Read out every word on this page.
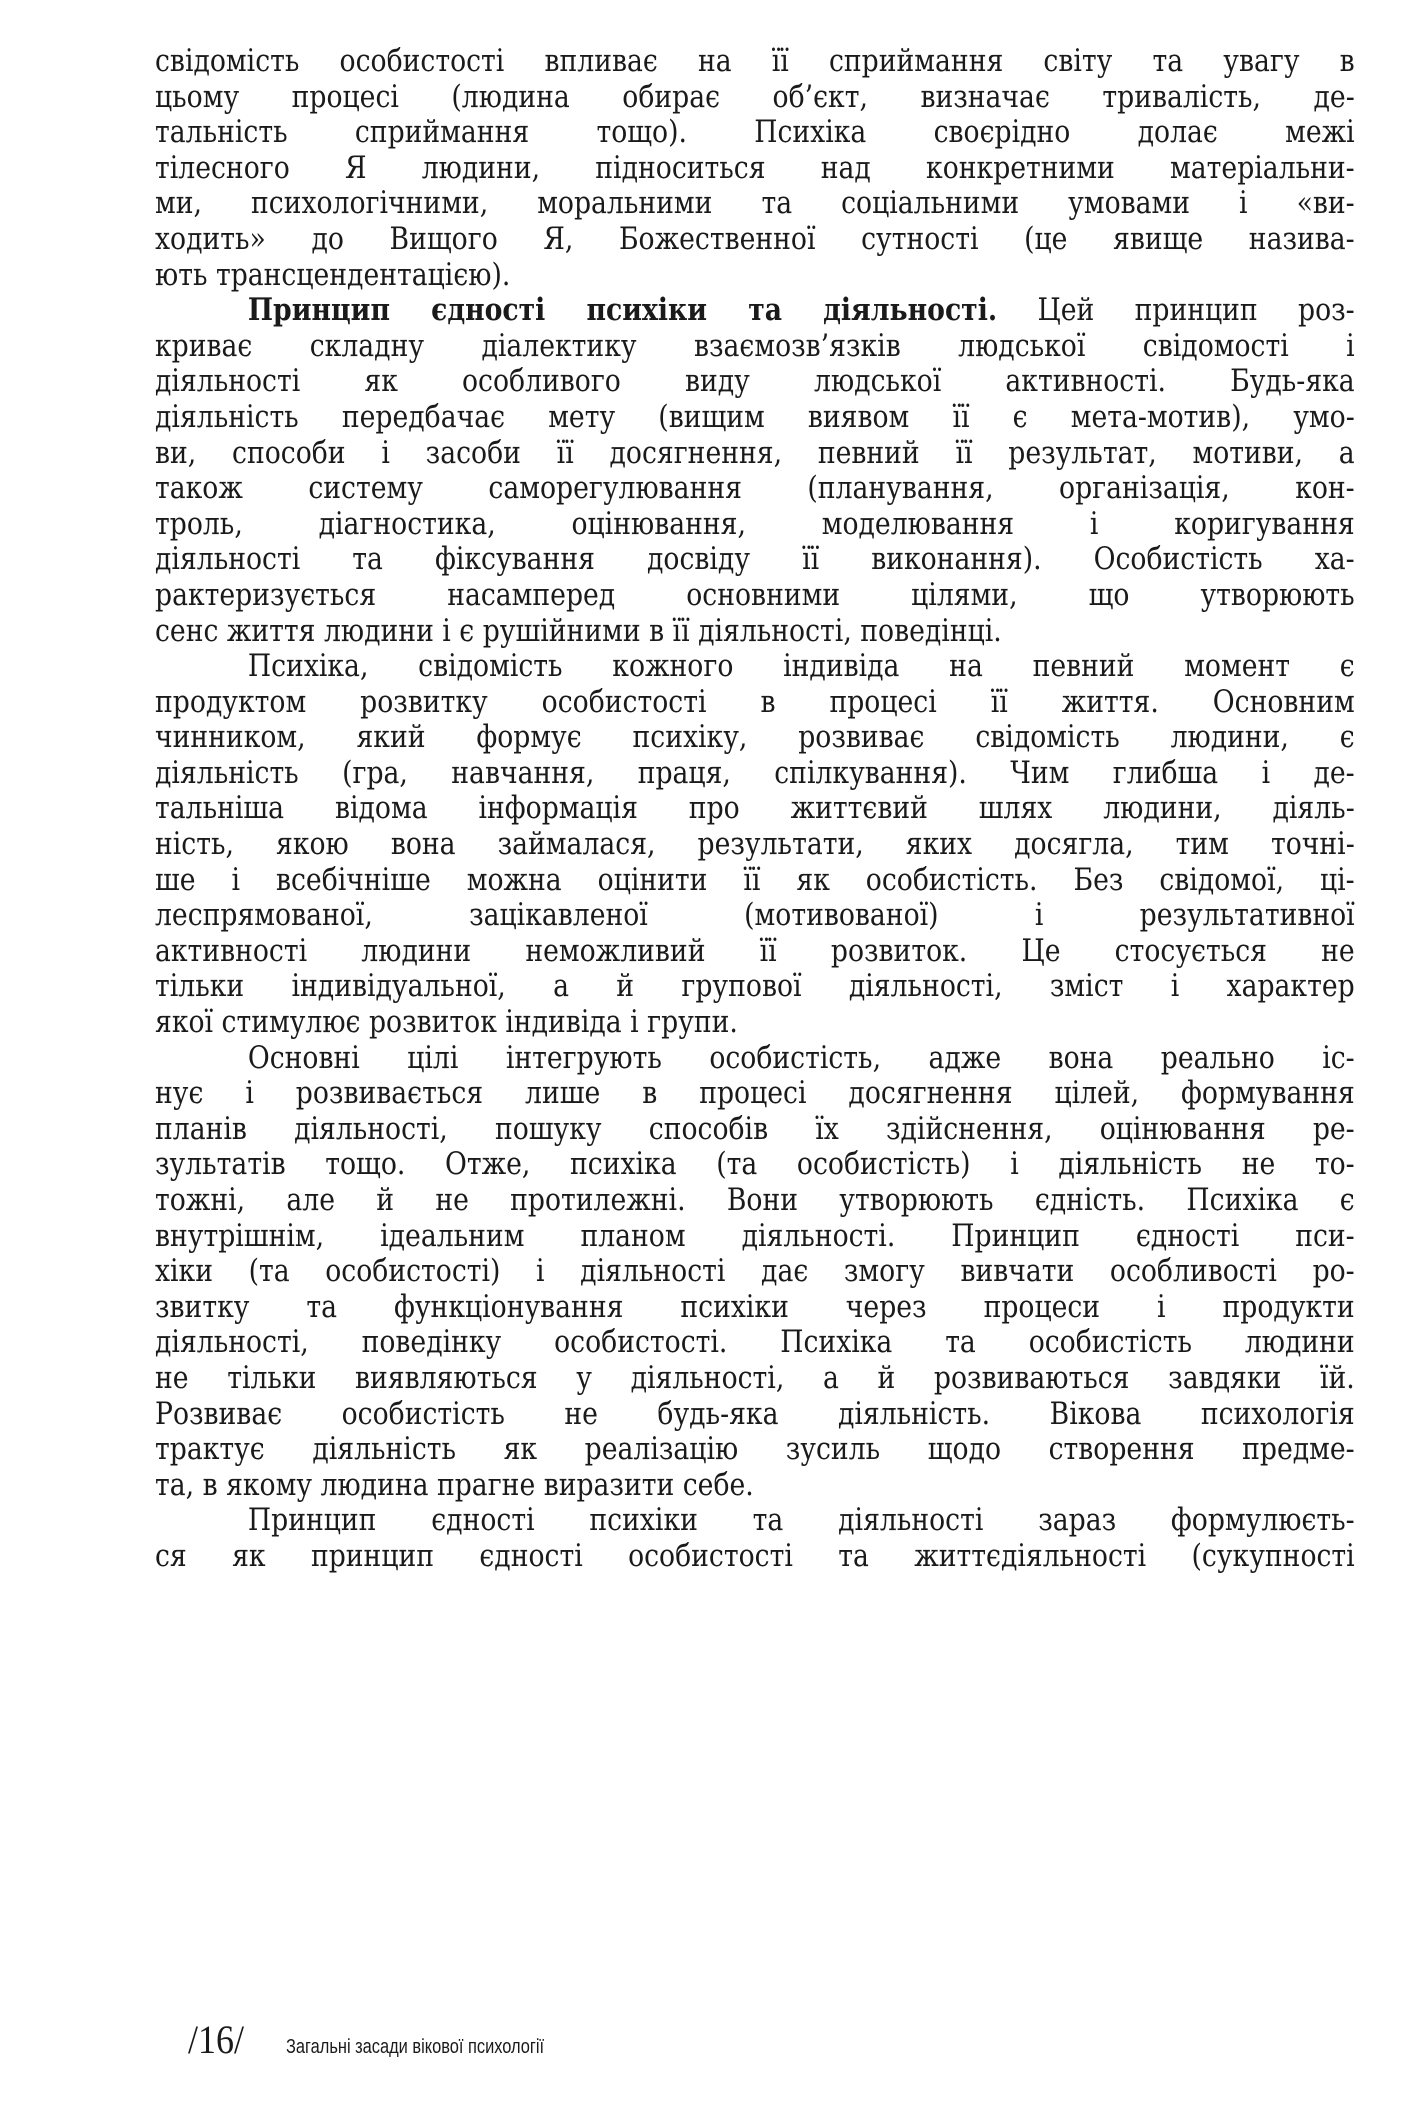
свідомість особистості впливає на її сприймання світу та увагу в
цьому процесі (людина обирає об’єкт, визначає тривалість, де-
тальність сприймання тощо). Психіка своєрідно долає межі
тілесного Я людини, підноситься над конкретними матеріальни-
ми, психологічними, моральними та соціальними умовами і «ви-
ходить» до Вищого Я, Божественної сутності (це явище назива-
ють трансцендентацією).
Принцип єдності психіки та діяльності. Цей принцип роз-
криває складну діалектику взаємозв’язків людської свідомості і
діяльності як особливого виду людської активності. Будь-яка
діяльність передбачає мету (вищим виявом її є мета-мотив), умо-
ви, способи і засоби її досягнення, певний її результат, мотиви, а
також систему саморегулювання (планування, організація, кон-
троль, діагностика, оцінювання, моделювання і коригування
діяльності та фіксування досвіду її виконання). Особистість ха-
рактеризується насамперед основними цілями, що утворюють
сенс життя людини і є рушійними в її діяльності, поведінці.
Психіка, свідомість кожного індивіда на певний момент є
продуктом розвитку особистості в процесі її життя. Основним
чинником, який формує психіку, розвиває свідомість людини, є
діяльність (гра, навчання, праця, спілкування). Чим глибша і де-
тальніша відома інформація про життєвий шлях людини, діяль-
ність, якою вона займалася, результати, яких досягла, тим точні-
ше і всебічніше можна оцінити її як особистість. Без свідомої, ці-
леспрямованої, зацікавленої (мотивованої) і результативної
активності людини неможливий її розвиток. Це стосується не
тільки індивідуальної, а й групової діяльності, зміст і характер
якої стимулює розвиток індивіда і групи.
Основні цілі інтегрують особистість, адже вона реально іс-
нує і розвивається лише в процесі досягнення цілей, формування
планів діяльності, пошуку способів їх здійснення, оцінювання ре-
зультатів тощо. Отже, психіка (та особистість) і діяльність не то-
тожні, але й не протилежні. Вони утворюють єдність. Психіка є
внутрішнім, ідеальним планом діяльності. Принцип єдності пси-
хіки (та особистості) і діяльності дає змогу вивчати особливості ро-
звитку та функціонування психіки через процеси і продукти
діяльності, поведінку особистості. Психіка та особистість людини
не тільки виявляються у діяльності, а й розвиваються завдяки їй.
Розвиває особистість не будь-яка діяльність. Вікова психологія
трактує діяльність як реалізацію зусиль щодо створення предме-
та, в якому людина прагне виразити себе.
Принцип єдності психіки та діяльності зараз формулюєть-
ся як принцип єдності особистості та життєдіяльності (сукупності
/16/	Загальні засади вікової психології
